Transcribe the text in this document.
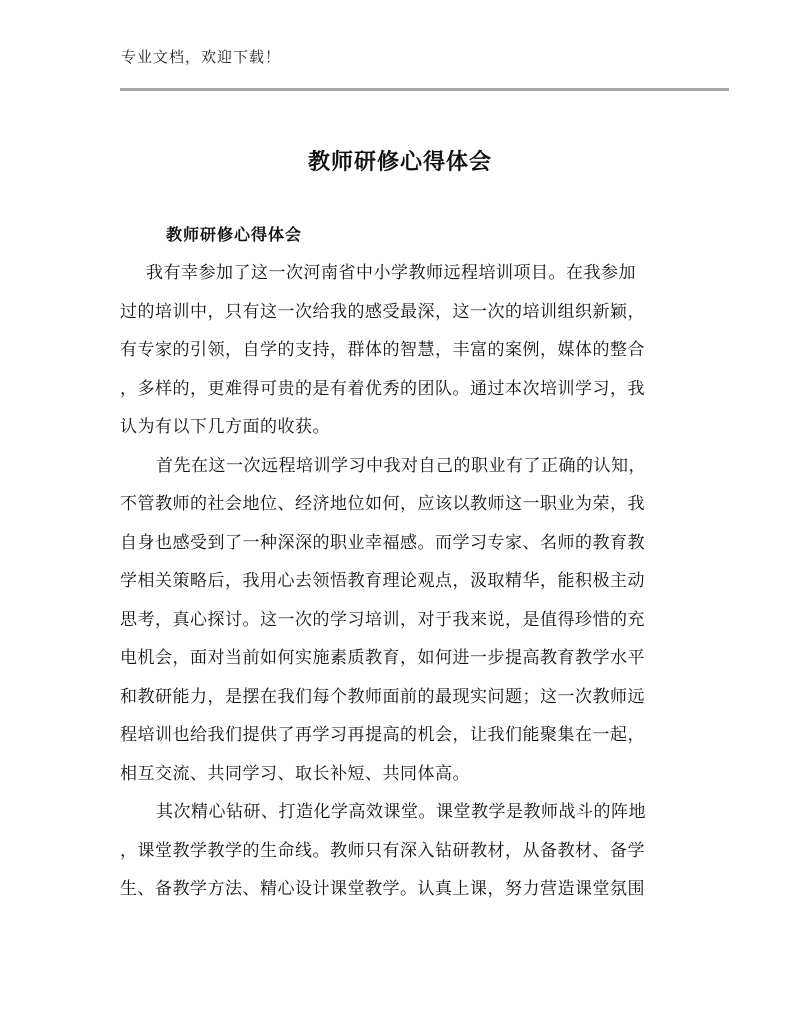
专业文档，欢迎下载！
教师研修心得体会
教师研修心得体会

我有幸参加了这一次河南省中小学教师远程培训项目。在我参加
过的培训中，只有这一次给我的感受最深，这一次的培训组织新颖，
有专家的引领，自学的支持，群体的智慧，丰富的案例，媒体的整合
，多样的，更难得可贵的是有着优秀的团队。通过本次培训学习，我
认为有以下几方面的收获。

首先在这一次远程培训学习中我对自己的职业有了正确的认知，
不管教师的社会地位、经济地位如何，应该以教师这一职业为荣，我
自身也感受到了一种深深的职业幸福感。而学习专家、名师的教育教
学相关策略后，我用心去领悟教育理论观点，汲取精华，能积极主动
思考，真心探讨。这一次的学习培训，对于我来说，是值得珍惜的充
电机会，面对当前如何实施素质教育，如何进一步提高教育教学水平
和教研能力，是摆在我们每个教师面前的最现实问题；这一次教师远
程培训也给我们提供了再学习再提高的机会，让我们能聚集在一起，
相互交流、共同学习、取长补短、共同体高。

其次精心钻研、打造化学高效课堂。课堂教学是教师战斗的阵地
，课堂教学教学的生命线。教师只有深入钻研教材，从备教材、备学
生、备教学方法、精心设计课堂教学。认真上课，努力营造课堂氛围
